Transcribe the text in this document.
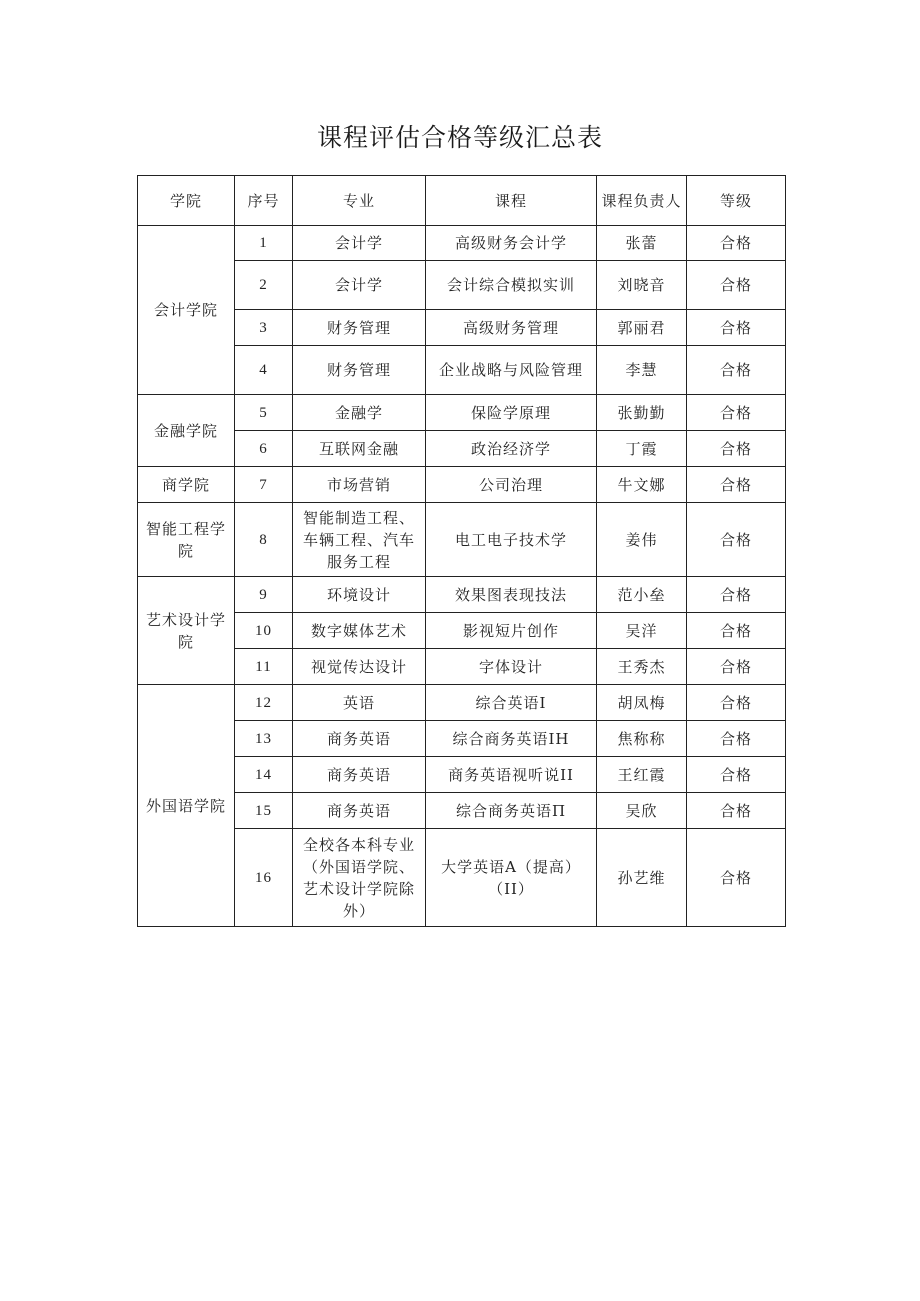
课程评估合格等级汇总表
学院	序号	专业	课程	课程负责人	等级
会计学院	1	会计学	高级财务会计学	张蕾	合格
	2	会计学	会计综合模拟实训	刘晓音	合格
	3	财务管理	高级财务管理	郭丽君	合格
	4	财务管理	企业战略与风险管理	李慧	合格
金融学院	5	金融学	保险学原理	张勤勤	合格
	6	互联网金融	政治经济学	丁霞	合格
商学院	7	市场营销	公司治理	牛文娜	合格
智能工程学院	8	智能制造工程、车辆工程、汽车服务工程	电工电子技术学	姜伟	合格
艺术设计学院	9	环境设计	效果图表现技法	范小垒	合格
	10	数字媒体艺术	影视短片创作	吴洋	合格
	11	视觉传达设计	字体设计	王秀杰	合格
外国语学院	12	英语	综合英语I	胡凤梅	合格
	13	商务英语	综合商务英语IH	焦称称	合格
	14	商务英语	商务英语视听说II	王红霞	合格
	15	商务英语	综合商务英语Π	吴欣	合格
	16	全校各本科专业（外国语学院、艺术设计学院除外）	大学英语A（提高）（II）	孙艺维	合格
